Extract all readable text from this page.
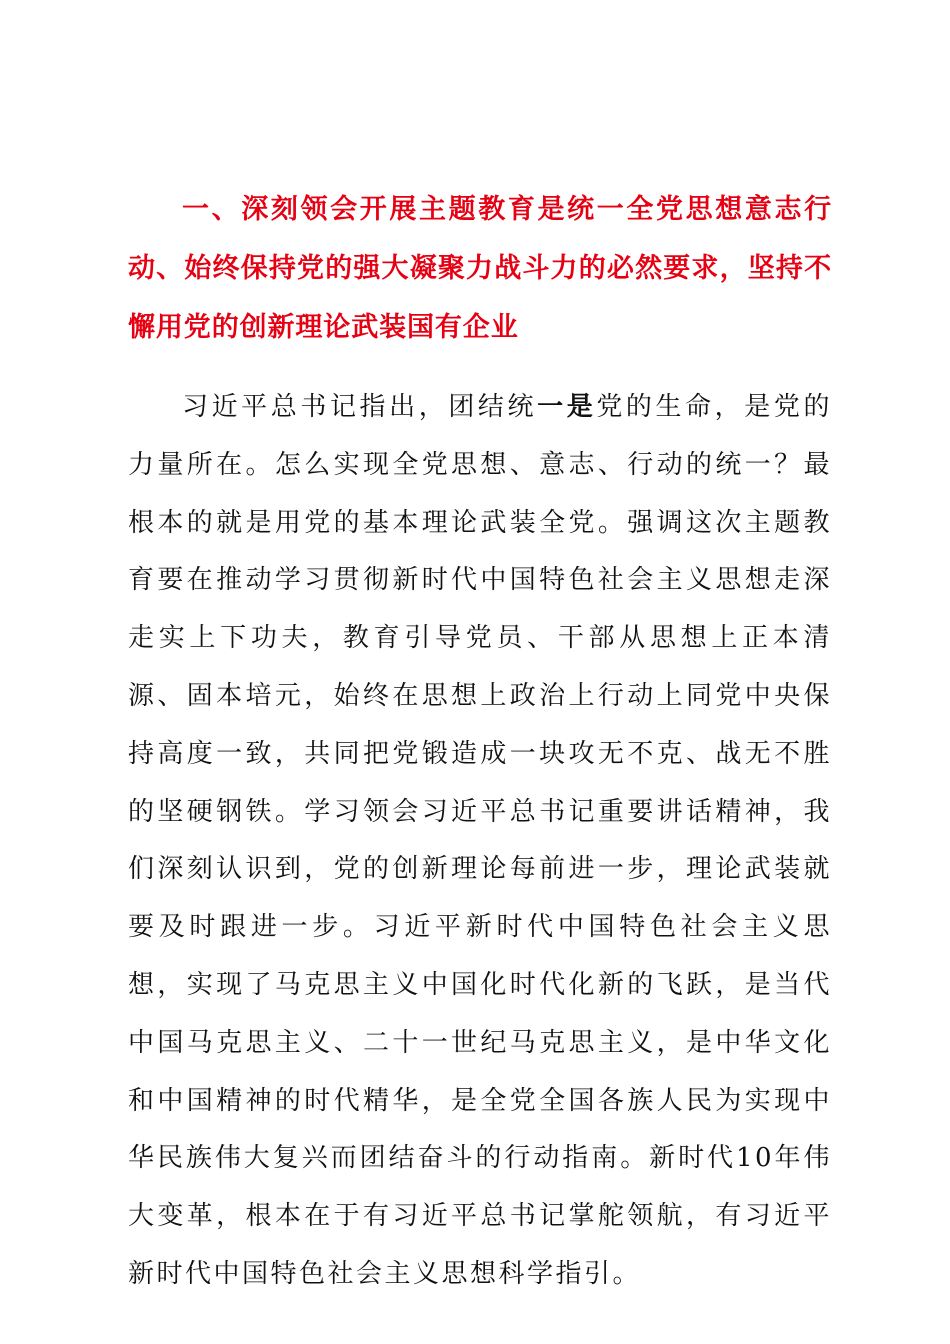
一、深刻领会开展主题教育是统一全党思想意志行动、始终保持党的强大凝聚力战斗力的必然要求，坚持不懈用党的创新理论武装国有企业

习近平总书记指出，团结统一是党的生命，是党的力量所在。怎么实现全党思想、意志、行动的统一？最根本的就是用党的基本理论武装全党。强调这次主题教育要在推动学习贯彻新时代中国特色社会主义思想走深走实上下功夫，教育引导党员、干部从思想上正本清源、固本培元，始终在思想上政治上行动上同党中央保持高度一致，共同把党锻造成一块攻无不克、战无不胜的坚硬钢铁。学习领会习近平总书记重要讲话精神，我们深刻认识到，党的创新理论每前进一步，理论武装就要及时跟进一步。习近平新时代中国特色社会主义思想，实现了马克思主义中国化时代化新的飞跃，是当代中国马克思主义、二十一世纪马克思主义，是中华文化和中国精神的时代精华，是全党全国各族人民为实现中华民族伟大复兴而团结奋斗的行动指南。新时代10年伟大变革，根本在于有习近平总书记掌舵领航，有习近平新时代中国特色社会主义思想科学指引。
